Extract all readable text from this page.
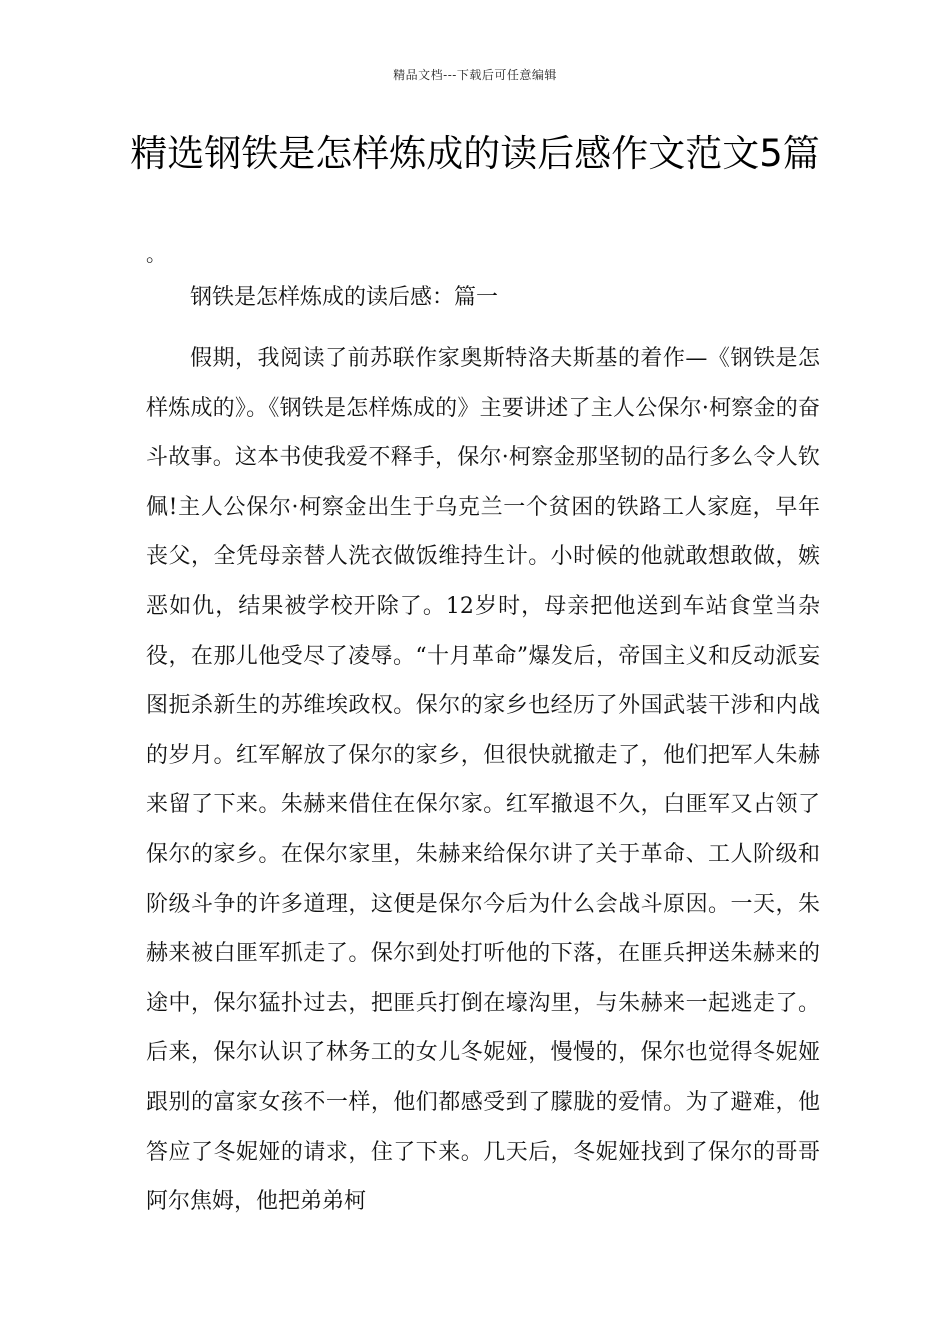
精品文档---下载后可任意编辑
精选钢铁是怎样炼成的读后感作文范文5篇
。
钢铁是怎样炼成的读后感：篇一

假期，我阅读了前苏联作家奥斯特洛夫斯基的着作—《钢铁是怎样炼成的》。《钢铁是怎样炼成的》主要讲述了主人公保尔·柯察金的奋斗故事。这本书使我爱不释手，保尔·柯察金那坚韧的品行多么令人钦佩!主人公保尔·柯察金出生于乌克兰一个贫困的铁路工人家庭，早年丧父，全凭母亲替人洗衣做饭维持生计。小时候的他就敢想敢做，嫉恶如仇，结果被学校开除了。12岁时，母亲把他送到车站食堂当杂役，在那儿他受尽了凌辱。“十月革命”爆发后，帝国主义和反动派妄图扼杀新生的苏维埃政权。保尔的家乡也经历了外国武装干涉和内战的岁月。红军解放了保尔的家乡，但很快就撤走了，他们把军人朱赫来留了下来。朱赫来借住在保尔家。红军撤退不久，白匪军又占领了保尔的家乡。在保尔家里，朱赫来给保尔讲了关于革命、工人阶级和阶级斗争的许多道理，这便是保尔今后为什么会战斗原因。一天，朱赫来被白匪军抓走了。保尔到处打听他的下落，在匪兵押送朱赫来的途中，保尔猛扑过去，把匪兵打倒在壕沟里，与朱赫来一起逃走了。后来，保尔认识了林务工的女儿冬妮娅，慢慢的，保尔也觉得冬妮娅跟别的富家女孩不一样，他们都感受到了朦胧的爱情。为了避难，他答应了冬妮娅的请求，住了下来。几天后，冬妮娅找到了保尔的哥哥阿尔焦姆，他把弟弟柯
